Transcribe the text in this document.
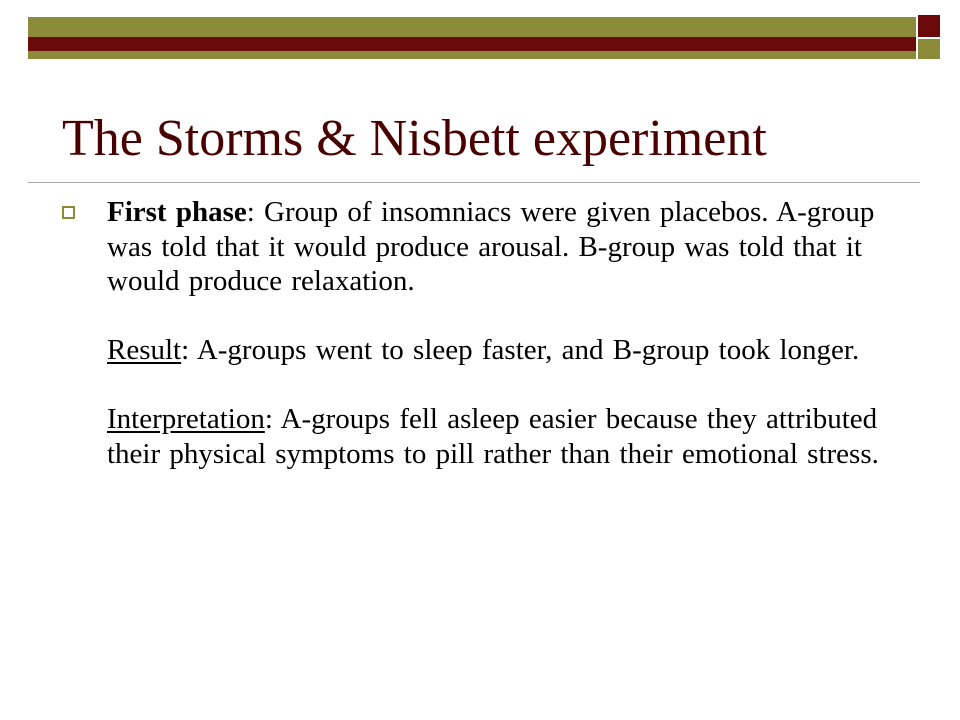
The Storms & Nisbett experiment

First phase: Group of insomniacs were given placebos. A-group was told that it would produce arousal. B-group was told that it would produce relaxation.

Result: A-groups went to sleep faster, and B-group took longer.

Interpretation: A-groups fell asleep easier because they attributed their physical symptoms to pill rather than their emotional stress.
